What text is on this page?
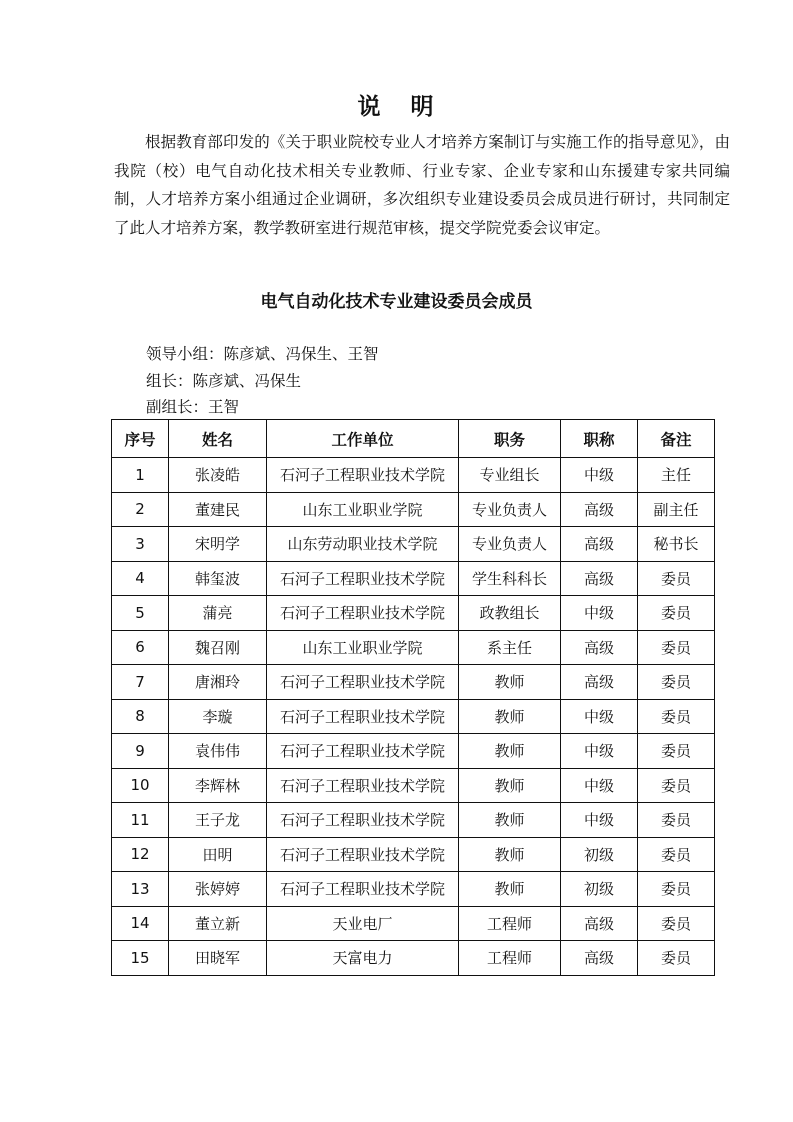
说 明

根据教育部印发的《关于职业院校专业人才培养方案制订与实施工作的指导意见》，由我院（校）电气自动化技术相关专业教师、行业专家、企业专家和山东援建专家共同编制，人才培养方案小组通过企业调研，多次组织专业建设委员会成员进行研讨，共同制定了此人才培养方案，教学教研室进行规范审核，提交学院党委会议审定。

电气自动化技术专业建设委员会成员
领导小组：陈彦斌、冯保生、王智
组长：陈彦斌、冯保生
副组长：王智
序号	姓名	工作单位	职务	职称	备注
1	张凌皓	石河子工程职业技术学院	专业组长	中级	主任
2	董建民	山东工业职业学院	专业负责人	高级	副主任
3	宋明学	山东劳动职业技术学院	专业负责人	高级	秘书长
4	韩玺波	石河子工程职业技术学院	学生科科长	高级	委员
5	蒲亮	石河子工程职业技术学院	政教组长	中级	委员
6	魏召刚	山东工业职业学院	系主任	高级	委员
7	唐湘玲	石河子工程职业技术学院	教师	高级	委员
8	李璇	石河子工程职业技术学院	教师	中级	委员
9	袁伟伟	石河子工程职业技术学院	教师	中级	委员
10	李辉林	石河子工程职业技术学院	教师	中级	委员
11	王子龙	石河子工程职业技术学院	教师	中级	委员
12	田明	石河子工程职业技术学院	教师	初级	委员
13	张婷婷	石河子工程职业技术学院	教师	初级	委员
14	董立新	天业电厂	工程师	高级	委员
15	田晓军	天富电力	工程师	高级	委员
